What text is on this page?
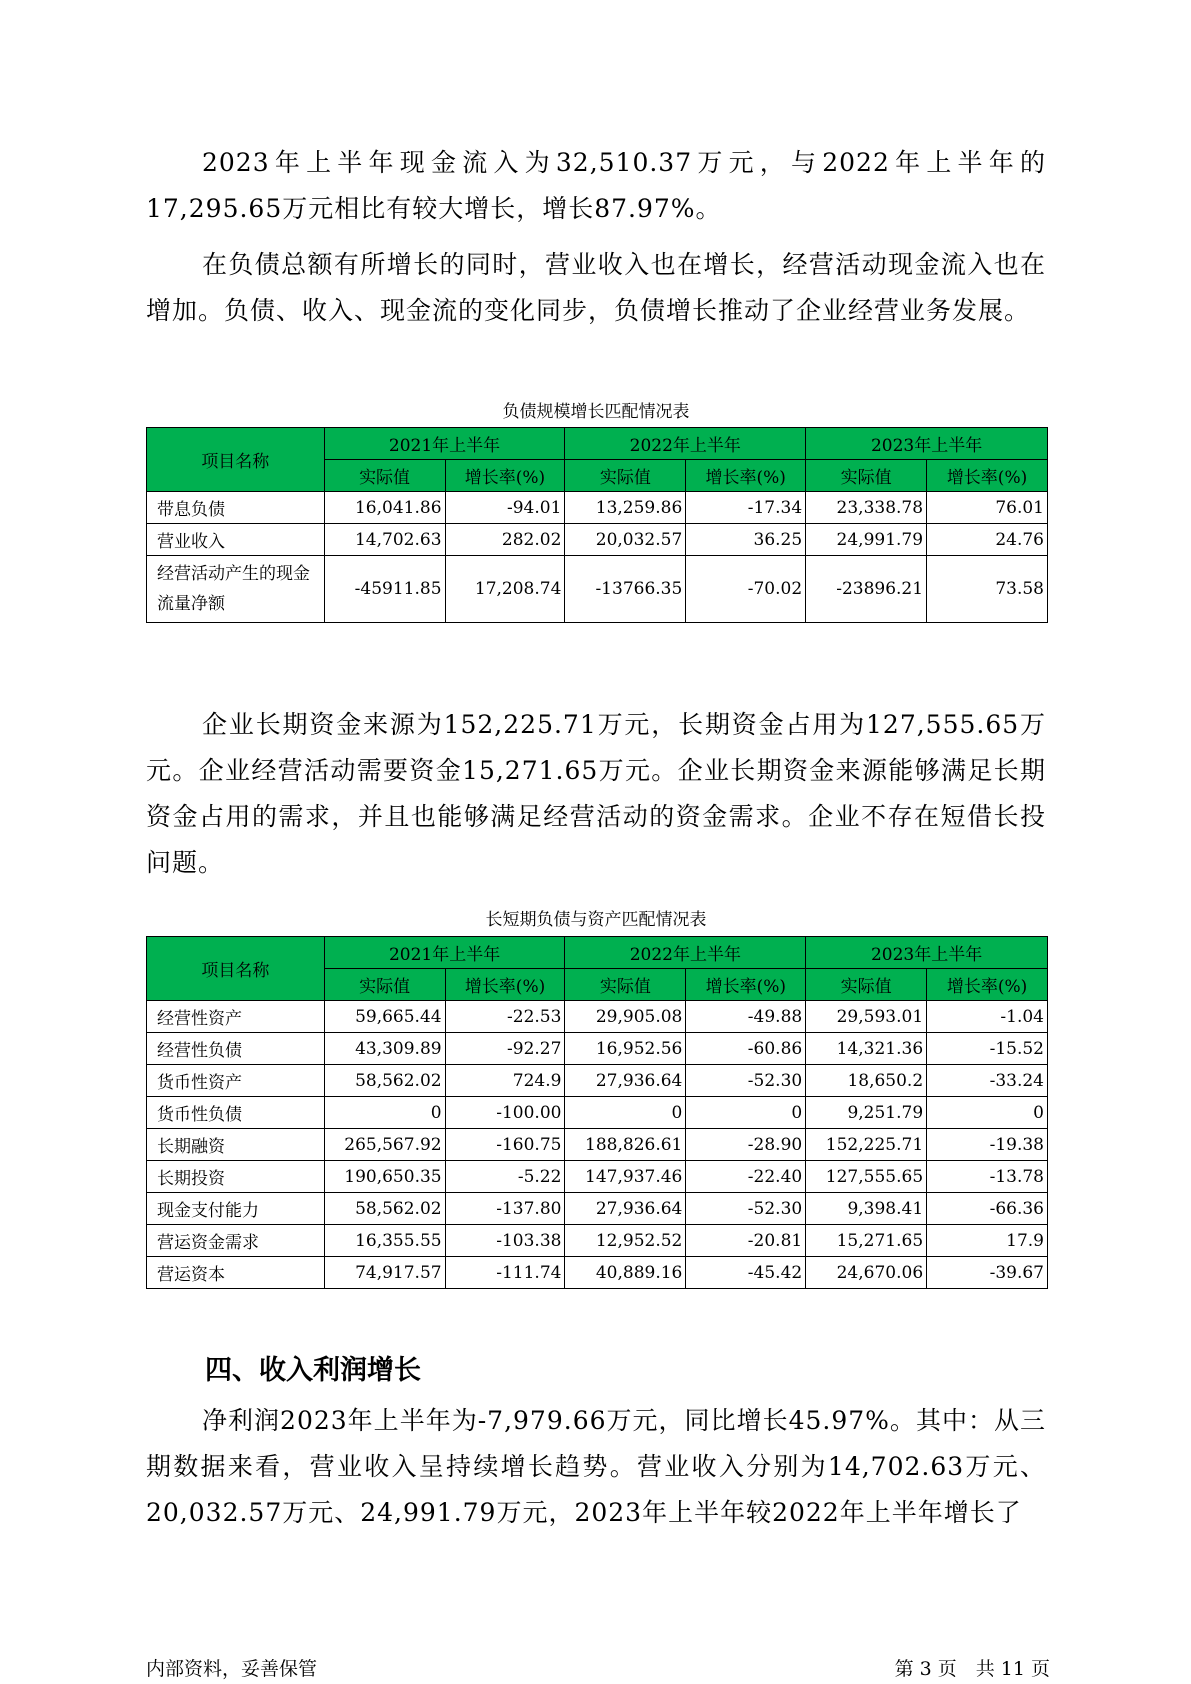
2023年上半年现金流入为32,510.37万元，与2022年上半年的17,295.65万元相比有较大增长，增长87.97%。

在负债总额有所增长的同时，营业收入也在增长，经营活动现金流入也在增加。负债、收入、现金流的变化同步，负债增长推动了企业经营业务发展。

负债规模增长匹配情况表
项目名称	2021年上半年		2022年上半年		2023年上半年	
	实际值	增长率(%)	实际值	增长率(%)	实际值	增长率(%)
带息负债	16,041.86	-94.01	13,259.86	-17.34	23,338.78	76.01
营业收入	14,702.63	282.02	20,032.57	36.25	24,991.79	24.76
经营活动产生的现金流量净额	-45911.85	17,208.74	-13766.35	-70.02	-23896.21	73.58

企业长期资金来源为152,225.71万元，长期资金占用为127,555.65万元。企业经营活动需要资金15,271.65万元。企业长期资金来源能够满足长期资金占用的需求，并且也能够满足经营活动的资金需求。企业不存在短借长投问题。

长短期负债与资产匹配情况表
项目名称	2021年上半年		2022年上半年		2023年上半年	
	实际值	增长率(%)	实际值	增长率(%)	实际值	增长率(%)
经营性资产	59,665.44	-22.53	29,905.08	-49.88	29,593.01	-1.04
经营性负债	43,309.89	-92.27	16,952.56	-60.86	14,321.36	-15.52
货币性资产	58,562.02	724.9	27,936.64	-52.30	18,650.2	-33.24
货币性负债	0	-100.00	0	0	9,251.79	0
长期融资	265,567.92	-160.75	188,826.61	-28.90	152,225.71	-19.38
长期投资	190,650.35	-5.22	147,937.46	-22.40	127,555.65	-13.78
现金支付能力	58,562.02	-137.80	27,936.64	-52.30	9,398.41	-66.36
营运资金需求	16,355.55	-103.38	12,952.52	-20.81	15,271.65	17.9
营运资本	74,917.57	-111.74	40,889.16	-45.42	24,670.06	-39.67
四、收入利润增长

净利润2023年上半年为-7,979.66万元，同比增长45.97%。其中：从三期数据来看，营业收入呈持续增长趋势。营业收入分别为14,702.63万元、20,032.57万元、24,991.79万元，2023年上半年较2022年上半年增长了

内部资料，妥善保管	第 3 页　共 11 页
